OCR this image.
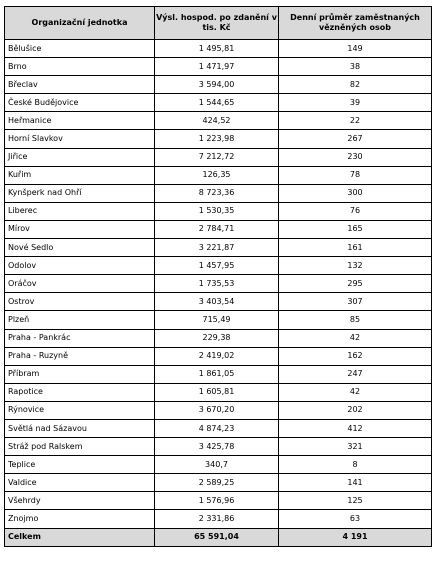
Organizační jednotka	Výsl. hospod. po zdanění v tis. Kč	Denní průměr zaměstnaných vězněných osob
Bělušice	1 495,81	149
Brno	1 471,97	38
Břeclav	3 594,00	82
České Budějovice	1 544,65	39
Heřmanice	424,52	22
Horní Slavkov	1 223,98	267
Jiřice	7 212,72	230
Kuřim	126,35	78
Kynšperk nad Ohří	8 723,36	300
Liberec	1 530,35	76
Mírov	2 784,71	165
Nové Sedlo	3 221,87	161
Odolov	1 457,95	132
Oráčov	1 735,53	295
Ostrov	3 403,54	307
Plzeň	715,49	85
Praha - Pankrác	229,38	42
Praha - Ruzyně	2 419,02	162
Příbram	1 861,05	247
Rapotice	1 605,81	42
Rýnovice	3 670,20	202
Světlá nad Sázavou	4 874,23	412
Stráž pod Ralskem	3 425,78	321
Teplice	340,7	8
Valdice	2 589,25	141
Všehrdy	1 576,96	125
Znojmo	2 331,86	63
Celkem	65 591,04	4 191
